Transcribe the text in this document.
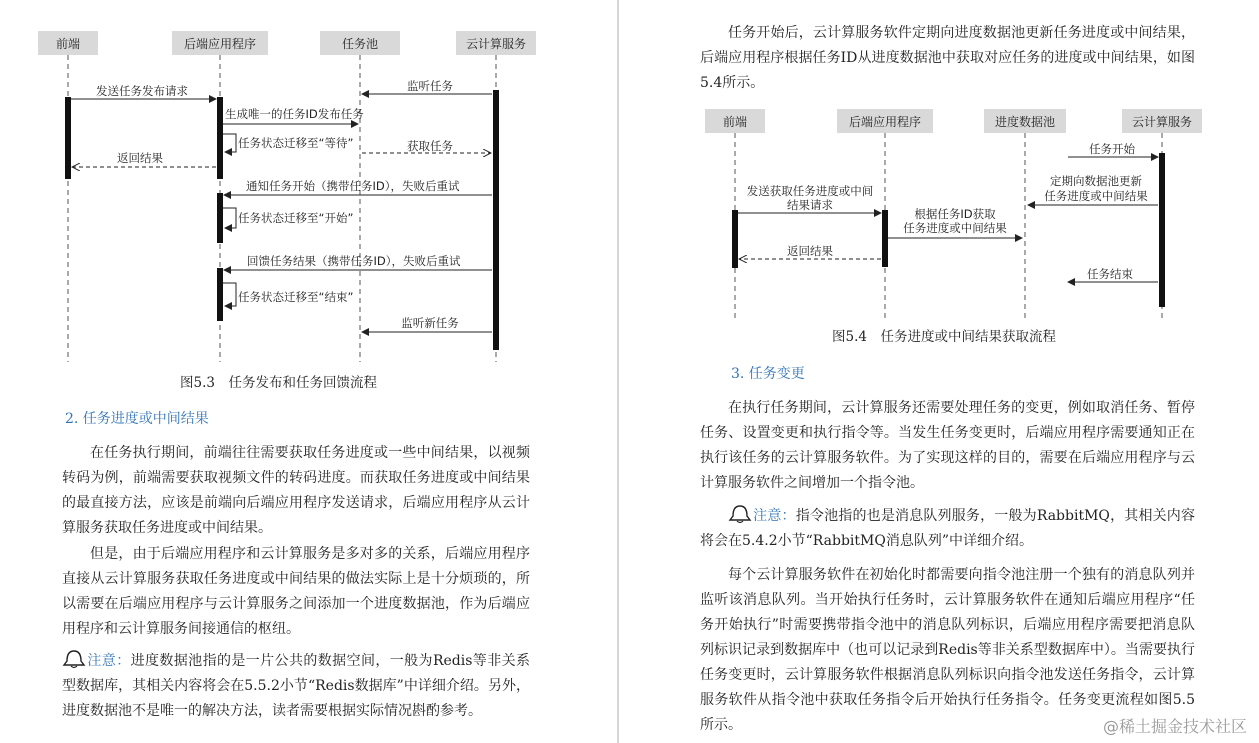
前端	后端应用程序	任务池	云计算服务
发送任务发布请求	监听任务
生成唯一的任务ID发布任务
任务状态迁移至“等待”	获取任务
返回结果
通知任务开始（携带任务ID），失败后重试
任务状态迁移至“开始”
回馈任务结果（携带任务ID），失败后重试
任务状态迁移至“结束”
监听新任务
图5.3　任务发布和任务回馈流程
2. 任务进度或中间结果

在任务执行期间，前端往往需要获取任务进度或一些中间结果，以视频转码为例，前端需要获取视频文件的转码进度。而获取任务进度或中间结果的最直接方法，应该是前端向后端应用程序发送请求，后端应用程序从云计算服务获取任务进度或中间结果。

但是，由于后端应用程序和云计算服务是多对多的关系，后端应用程序直接从云计算服务获取任务进度或中间结果的做法实际上是十分烦琐的，所以需要在后端应用程序与云计算服务之间添加一个进度数据池，作为后端应用程序和云计算服务间接通信的枢纽。

注意：进度数据池指的是一片公共的数据空间，一般为Redis等非关系型数据库，其相关内容将会在5.5.2小节“Redis数据库”中详细介绍。另外，进度数据池不是唯一的解决方法，读者需要根据实际情况斟酌参考。

任务开始后，云计算服务软件定期向进度数据池更新任务进度或中间结果，后端应用程序根据任务ID从进度数据池中获取对应任务的进度或中间结果，如图5.4所示。

前端	后端应用程序	进度数据池	云计算服务
任务开始
定期向数据池更新
任务进度或中间结果
发送获取任务进度或中间
结果请求
根据任务ID获取
任务进度或中间结果
返回结果
任务结束
图5.4　任务进度或中间结果获取流程
3. 任务变更

在执行任务期间，云计算服务还需要处理任务的变更，例如取消任务、暂停任务、设置变更和执行指令等。当发生任务变更时，后端应用程序需要通知正在执行该任务的云计算服务软件。为了实现这样的目的，需要在后端应用程序与云计算服务软件之间增加一个指令池。

注意：指令池指的也是消息队列服务，一般为RabbitMQ，其相关内容将会在5.4.2小节“RabbitMQ消息队列”中详细介绍。

每个云计算服务软件在初始化时都需要向指令池注册一个独有的消息队列并监听该消息队列。当开始执行任务时，云计算服务软件在通知后端应用程序“任务开始执行”时需要携带指令池中的消息队列标识，后端应用程序需要把消息队列标识记录到数据库中（也可以记录到Redis等非关系型数据库中）。当需要执行任务变更时，云计算服务软件根据消息队列标识向指令池发送任务指令，云计算服务软件从指令池中获取任务指令后开始执行任务指令。任务变更流程如图5.5所示。	@稀土掘金技术社区
